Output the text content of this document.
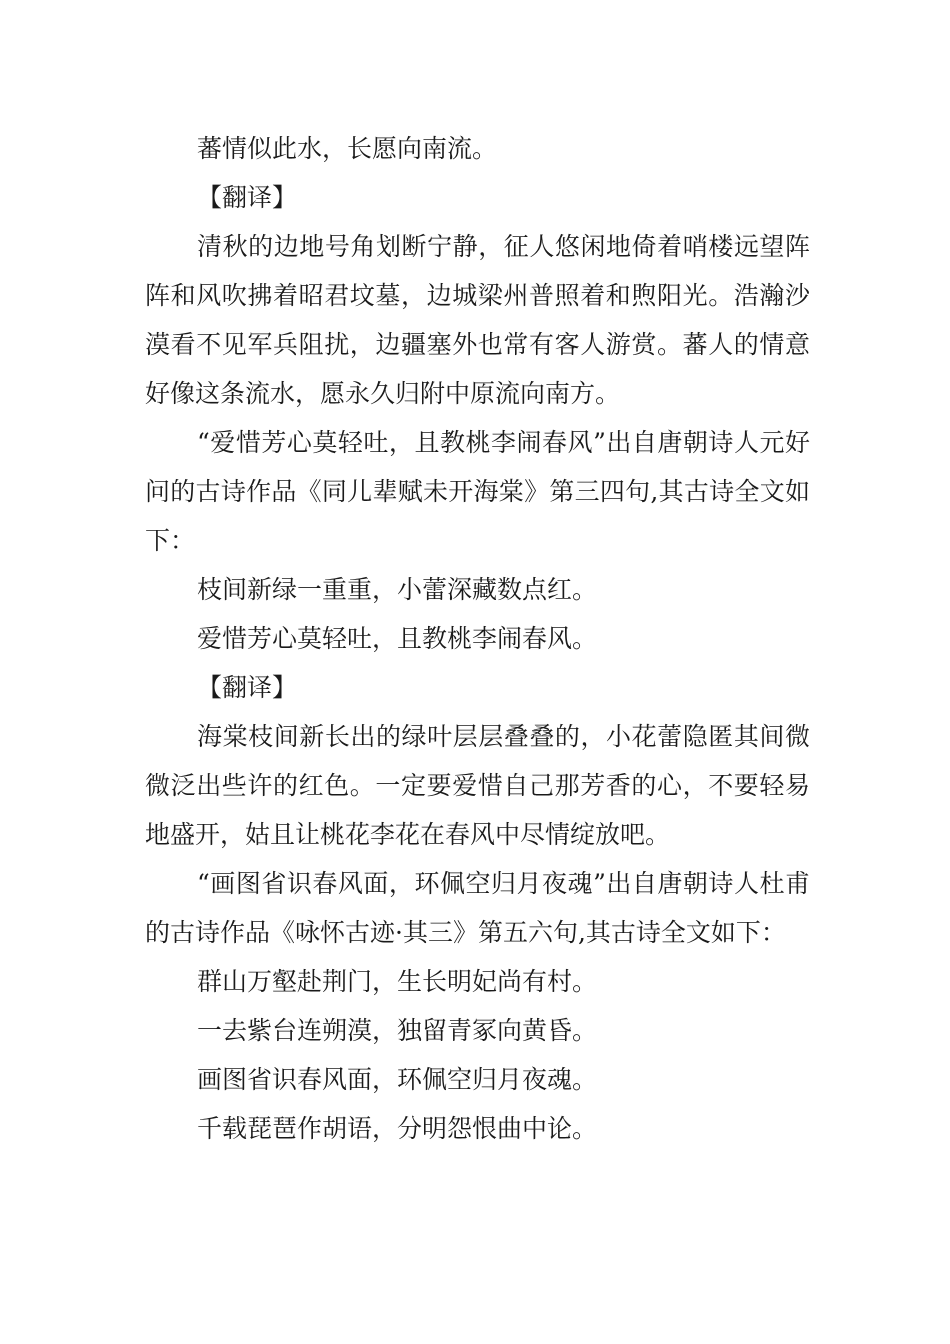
蕃情似此水，长愿向南流。

【翻译】

清秋的边地号角划断宁静，征人悠闲地倚着哨楼远望阵阵和风吹拂着昭君坟墓，边城梁州普照着和煦阳光。浩瀚沙漠看不见军兵阻扰，边疆塞外也常有客人游赏。蕃人的情意好像这条流水，愿永久归附中原流向南方。

“爱惜芳心莫轻吐，且教桃李闹春风”出自唐朝诗人元好问的古诗作品《同儿辈赋未开海棠》第三四句,其古诗全文如下：

枝间新绿一重重，小蕾深藏数点红。

爱惜芳心莫轻吐，且教桃李闹春风。

【翻译】

海棠枝间新长出的绿叶层层叠叠的，小花蕾隐匿其间微微泛出些许的红色。一定要爱惜自己那芳香的心，不要轻易地盛开，姑且让桃花李花在春风中尽情绽放吧。

“画图省识春风面，环佩空归月夜魂”出自唐朝诗人杜甫的古诗作品《咏怀古迹·其三》第五六句,其古诗全文如下：

群山万壑赴荆门，生长明妃尚有村。

一去紫台连朔漠，独留青冢向黄昏。

画图省识春风面，环佩空归月夜魂。

千载琵琶作胡语，分明怨恨曲中论。
